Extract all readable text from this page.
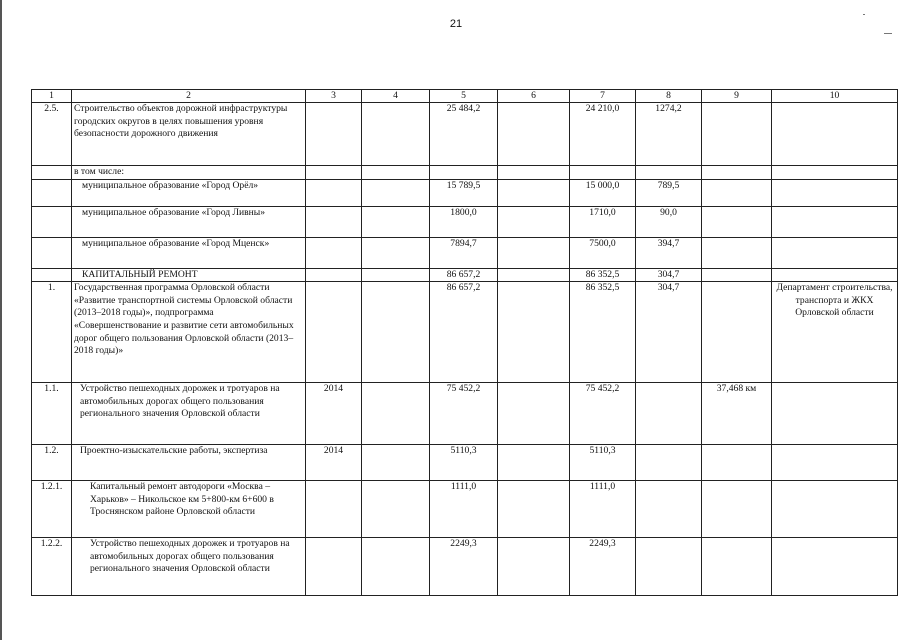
21
1	2	3	4	5	6	7	8	9	10
2.5.	Строительство объектов дорожной инфраструктуры городских округов в целях повышения уровня безопасности дорожного движения			25 484,2		24 210,0	1274,2		
	в том числе:								
	муниципальное образование «Город Орёл»			15 789,5		15 000,0	789,5		
	муниципальное образование «Город Ливны»			1800,0		1710,0	90,0		
	муниципальное образование «Город Мценск»			7894,7		7500,0	394,7		
	КАПИТАЛЬНЫЙ РЕМОНТ			86 657,2		86 352,5	304,7		
1.	Государственная программа Орловской области «Развитие транспортной системы Орловской области (2013–2018 годы)», подпрограмма «Совершенствование и развитие сети автомобильных дорог общего пользования Орловской области (2013–2018 годы)»			86 657,2		86 352,5	304,7		Департамент строительства, транспорта и ЖКХ Орловской области
1.1.	Устройство пешеходных дорожек и тротуаров на автомобильных дорогах общего пользования регионального значения Орловской области	2014		75 452,2		75 452,2		37,468 км	
1.2.	Проектно-изыскательские работы, экспертиза	2014		5110,3		5110,3			
1.2.1.	Капитальный ремонт автодороги «Москва – Харьков» – Никольское км 5+800-км 6+600 в Троснянском районе Орловской области			1111,0		1111,0			
1.2.2.	Устройство пешеходных дорожек и тротуаров на автомобильных дорогах общего пользования регионального значения Орловской области			2249,3		2249,3			
